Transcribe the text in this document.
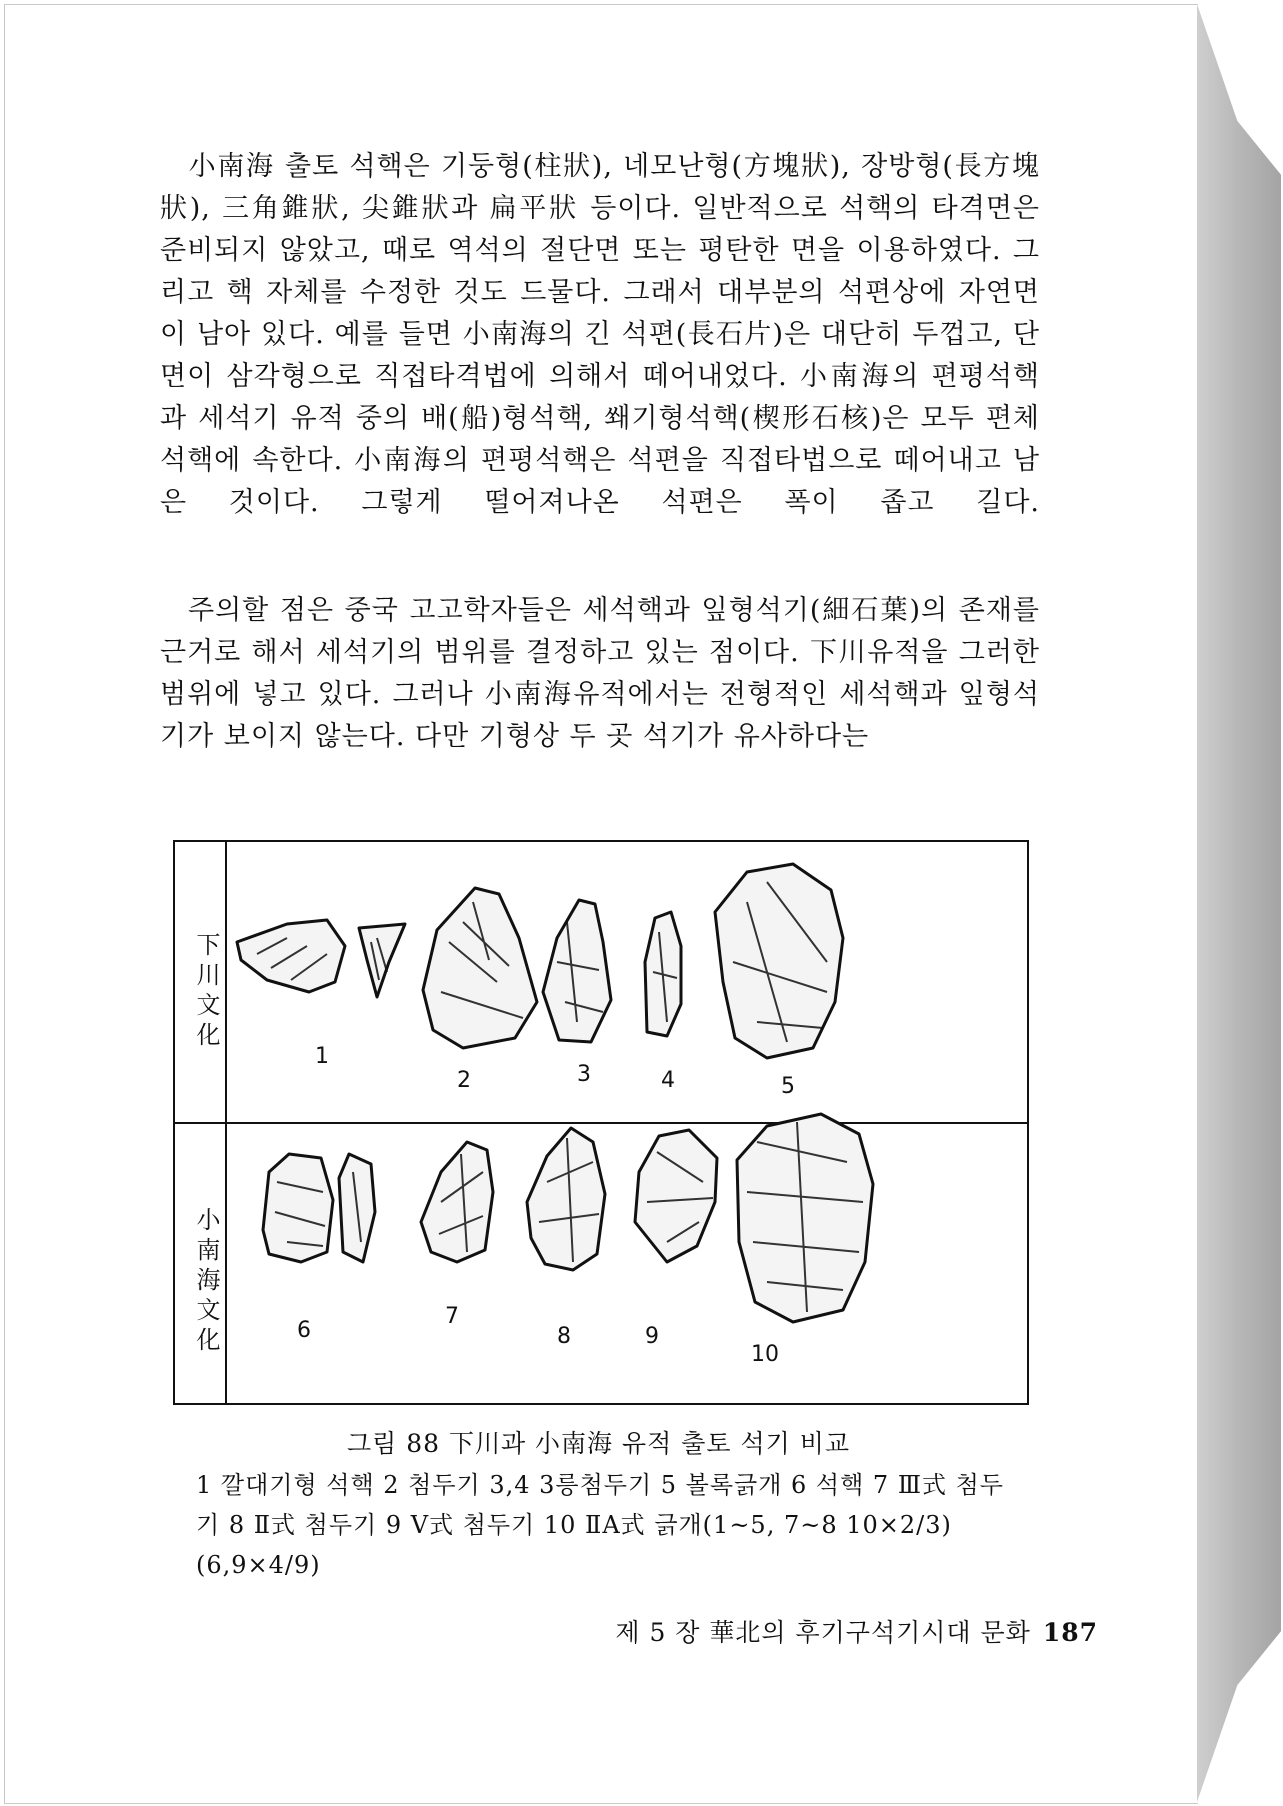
小南海 출토 석핵은 기둥형(柱狀), 네모난형(方塊狀), 장방형(長方塊狀), 三角錐狀, 尖錐狀과 扁平狀 등이다. 일반적으로 석핵의 타격면은 준비되지 않았고, 때로 역석의 절단면 또는 평탄한 면을 이용하였다. 그리고 핵 자체를 수정한 것도 드물다. 그래서 대부분의 석편상에 자연면이 남아 있다. 예를 들면 小南海의 긴 석편(長石片)은 대단히 두껍고, 단면이 삼각형으로 직접타격법에 의해서 떼어내었다. 小南海의 편평석핵과 세석기 유적 중의 배(船)형석핵, 쐐기형석핵(楔形石核)은 모두 편체석핵에 속한다. 小南海의 편평석핵은 석편을 직접타법으로 떼어내고 남은 것이다. 그렇게 떨어져나온 석편은 폭이 좁고 길다.

주의할 점은 중국 고고학자들은 세석핵과 잎형석기(細石葉)의 존재를 근거로 해서 세석기의 범위를 결정하고 있는 점이다. 下川유적을 그러한 범위에 넣고 있다. 그러나 小南海유적에서는 전형적인 세석핵과 잎형석기가 보이지 않는다. 다만 기형상 두 곳 석기가 유사하다는

下川文化
小南海文化
1
2	3	4	5
6
7
8	9
10
그림 88 下川과 小南海 유적 출토 석기 비교

1 깔대기형 석핵 2 첨두기 3,4 3릉첨두기 5 볼록긁개 6 석핵 7 Ⅲ式 첨두기 8 Ⅱ式 첨두기 9 Ⅴ式 첨두기 10 ⅡA式 긁개(1~5, 7~8 10×2/3) (6,9×4/9)

제 5 장 華北의 후기구석기시대 문화 187
